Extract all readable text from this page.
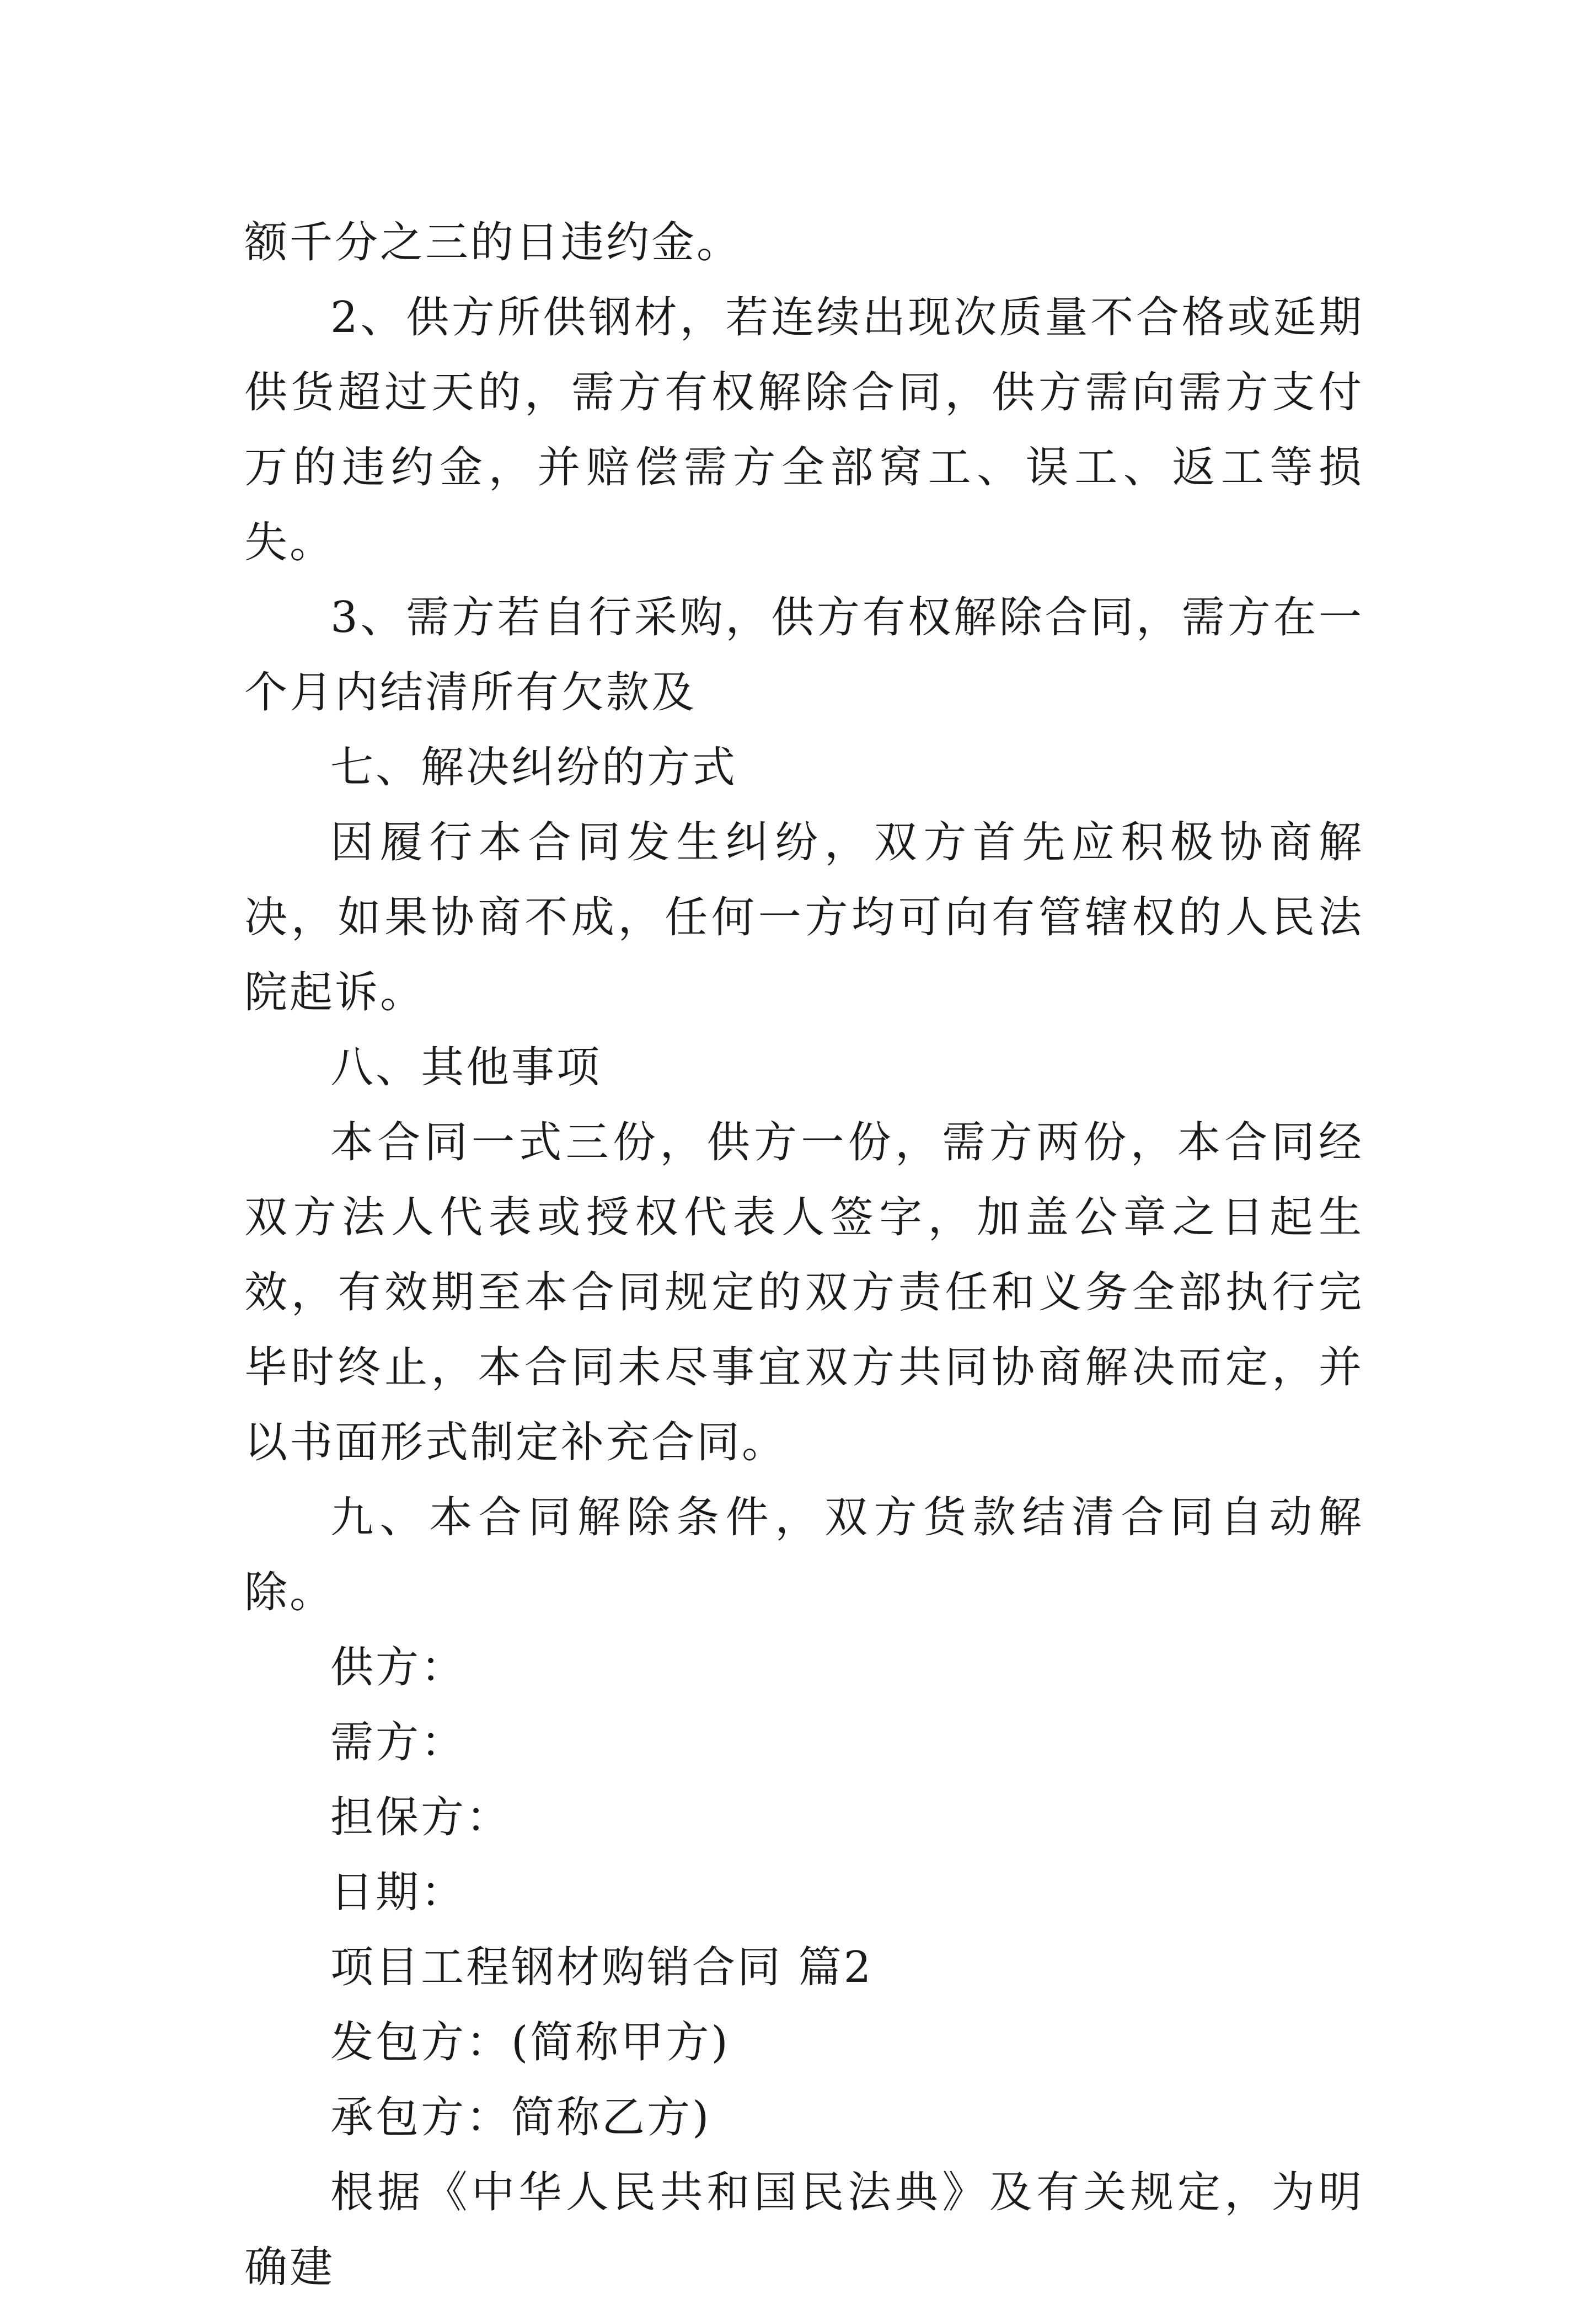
额千分之三的日违约金。

2、供方所供钢材，若连续出现次质量不合格或延期供货超过天的，需方有权解除合同，供方需向需方支付万的违约金，并赔偿需方全部窝工、误工、返工等损失。

3、需方若自行采购，供方有权解除合同，需方在一个月内结清所有欠款及

七、解决纠纷的方式

因履行本合同发生纠纷，双方首先应积极协商解决，如果协商不成，任何一方均可向有管辖权的人民法院起诉。

八、其他事项

本合同一式三份，供方一份，需方两份，本合同经双方法人代表或授权代表人签字，加盖公章之日起生效，有效期至本合同规定的双方责任和义务全部执行完毕时终止，本合同未尽事宜双方共同协商解决而定，并以书面形式制定补充合同。

九、本合同解除条件，双方货款结清合同自动解除。

供方：

需方：

担保方：

日期：

项目工程钢材购销合同 篇2

发包方：(简称甲方)

承包方：简称乙方)

根据《中华人民共和国民法典》及有关规定，为明确建
